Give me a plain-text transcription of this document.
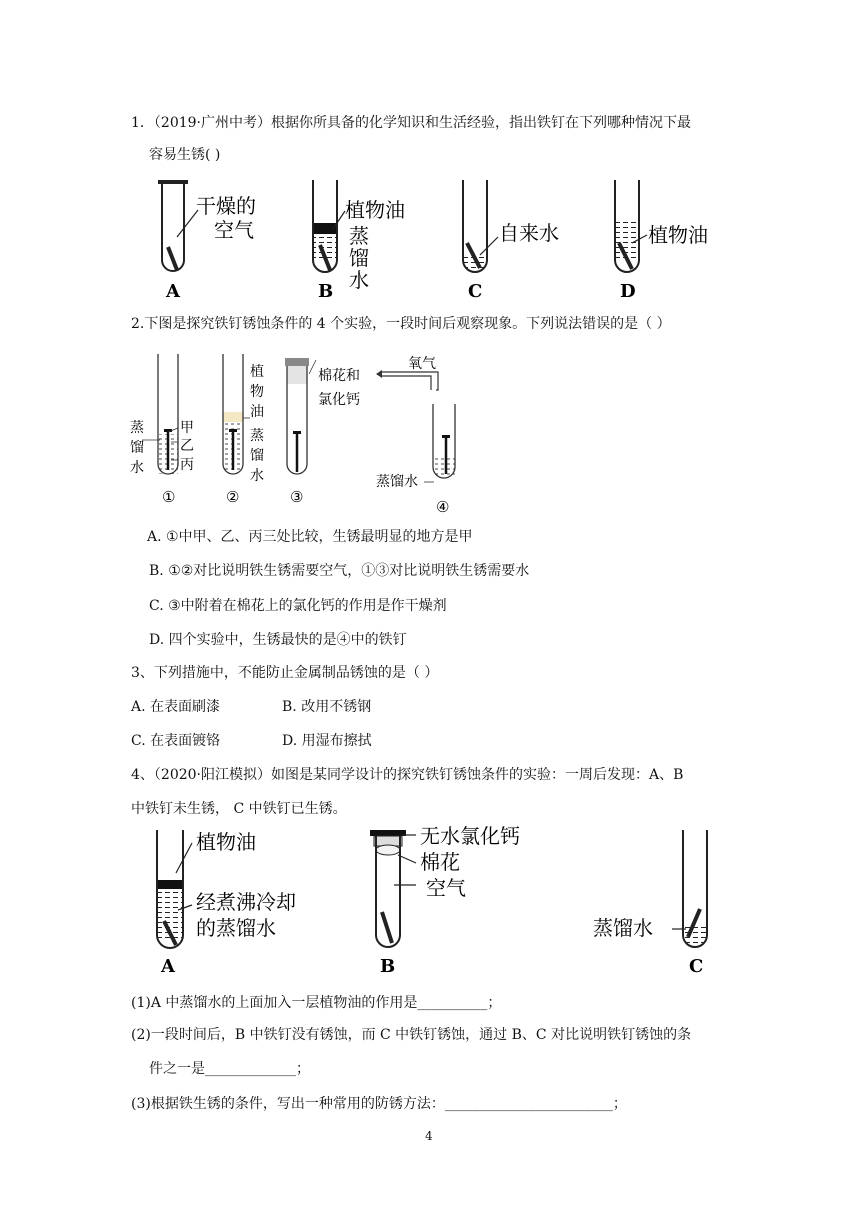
1．（2019·广州中考）根据你所具备的化学知识和生活经验，指出铁钉在下列哪种情况下最
容易生锈( )
干燥的
空气
植物油
蒸
馏
水
自来水	植物油
A	B	C	D
2.下图是探究铁钉锈蚀条件的 4 个实验，一段时间后观察现象。下列说法错误的是（ ）
蒸
馏
水
甲
乙
丙
植
物
油
蒸
馏
水
棉花和
氯化钙
氧气
蒸馏水
①	②	③
④
A. ①中甲、乙、丙三处比较，生锈最明显的地方是甲
B. ①②对比说明铁生锈需要空气，①③对比说明铁生锈需要水
C. ③中附着在棉花上的氯化钙的作用是作干燥剂
D. 四个实验中，生锈最快的是④中的铁钉
3、下列措施中，不能防止金属制品锈蚀的是（ ）
A. 在表面刷漆	B. 改用不锈钢
C. 在表面镀铬	D. 用湿布擦拭
4、（2020·阳江模拟）如图是某同学设计的探究铁钉锈蚀条件的实验：一周后发现：A、B
中铁钉未生锈， C 中铁钉已生锈。
植物油
经煮沸冷却
的蒸馏水
无水氯化钙
棉花
空气
蒸馏水
A	B	C
(1)A 中蒸馏水的上面加入一层植物油的作用是__________；
(2)一段时间后，B 中铁钉没有锈蚀，而 C 中铁钉锈蚀，通过 B、C 对比说明铁钉锈蚀的条
件之一是_____________；
(3)根据铁生锈的条件，写出一种常用的防锈方法：________________________；
4
